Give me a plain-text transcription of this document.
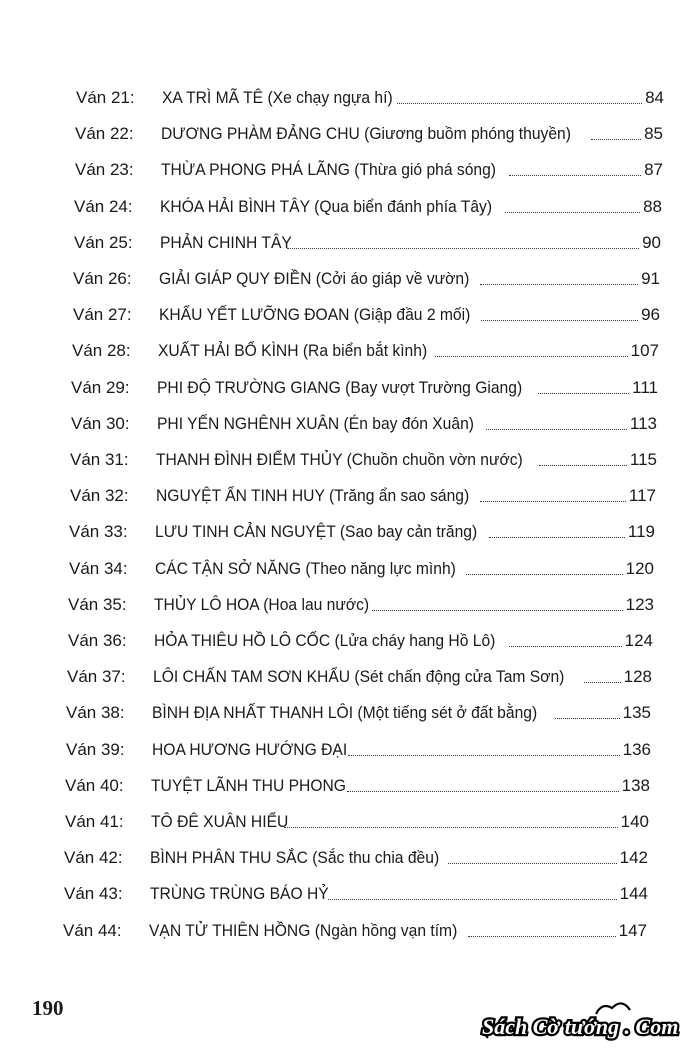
Ván 21:	XA TRÌ MÃ TÊ (Xe chạy ngựa hí)	84
Ván 22:	DƯƠNG PHÀM ĐẢNG CHU (Giương buồm phóng thuyền)	85
Ván 23:	THỪA PHONG PHÁ LÃNG (Thừa gió phá sóng)	87
Ván 24:	KHÓA HẢI BÌNH TÂY (Qua biển đánh phía Tây)	88
Ván 25:	PHẢN CHINH TÂY	90
Ván 26:	GIẢI GIÁP QUY ĐIỀN (Cởi áo giáp về vườn)	91
Ván 27:	KHẨU YẾT LƯỠNG ĐOAN (Giập đầu 2 mối)	96
Ván 28:	XUẤT HẢI BỔ KÌNH (Ra biển bắt kình)	107
Ván 29:	PHI ĐỘ TRƯỜNG GIANG (Bay vượt Trường Giang)	111
Ván 30:	PHI YẾN NGHÊNH XUÂN (Én bay đón Xuân)	113
Ván 31:	THANH ĐÌNH ĐIỂM THỦY (Chuồn chuồn vờn nước)	115
Ván 32:	NGUYỆT ẨN TINH HUY (Trăng ẩn sao sáng)	117
Ván 33:	LƯU TINH CẢN NGUYỆT (Sao bay cản trăng)	119
Ván 34:	CÁC TẬN SỞ NĂNG (Theo năng lực mình)	120
Ván 35:	THỦY LÔ HOA (Hoa lau nước)	123
Ván 36:	HỎA THIÊU HỒ LÔ CỐC (Lửa cháy hang Hồ Lô)	124
Ván 37:	LÔI CHẤN TAM SƠN KHẨU (Sét chấn động cửa Tam Sơn)	128
Ván 38:	BÌNH ĐỊA NHẤT THANH LÔI (Một tiếng sét ở đất bằng)	135
Ván 39:	HOA HƯƠNG HƯỚNG ĐẠI	136
Ván 40:	TUYỆT LÃNH THU PHONG	138
Ván 41:	TÔ ĐÊ XUÂN HIỂU	140
Ván 42:	BÌNH PHÂN THU SẮC (Sắc thu chia đều)	142
Ván 43:	TRÙNG TRÙNG BÁO HỶ	144
Ván 44:	VẠN TỬ THIÊN HỒNG (Ngàn hồng vạn tím)	147
190
Sách Cờ tướng . Com
